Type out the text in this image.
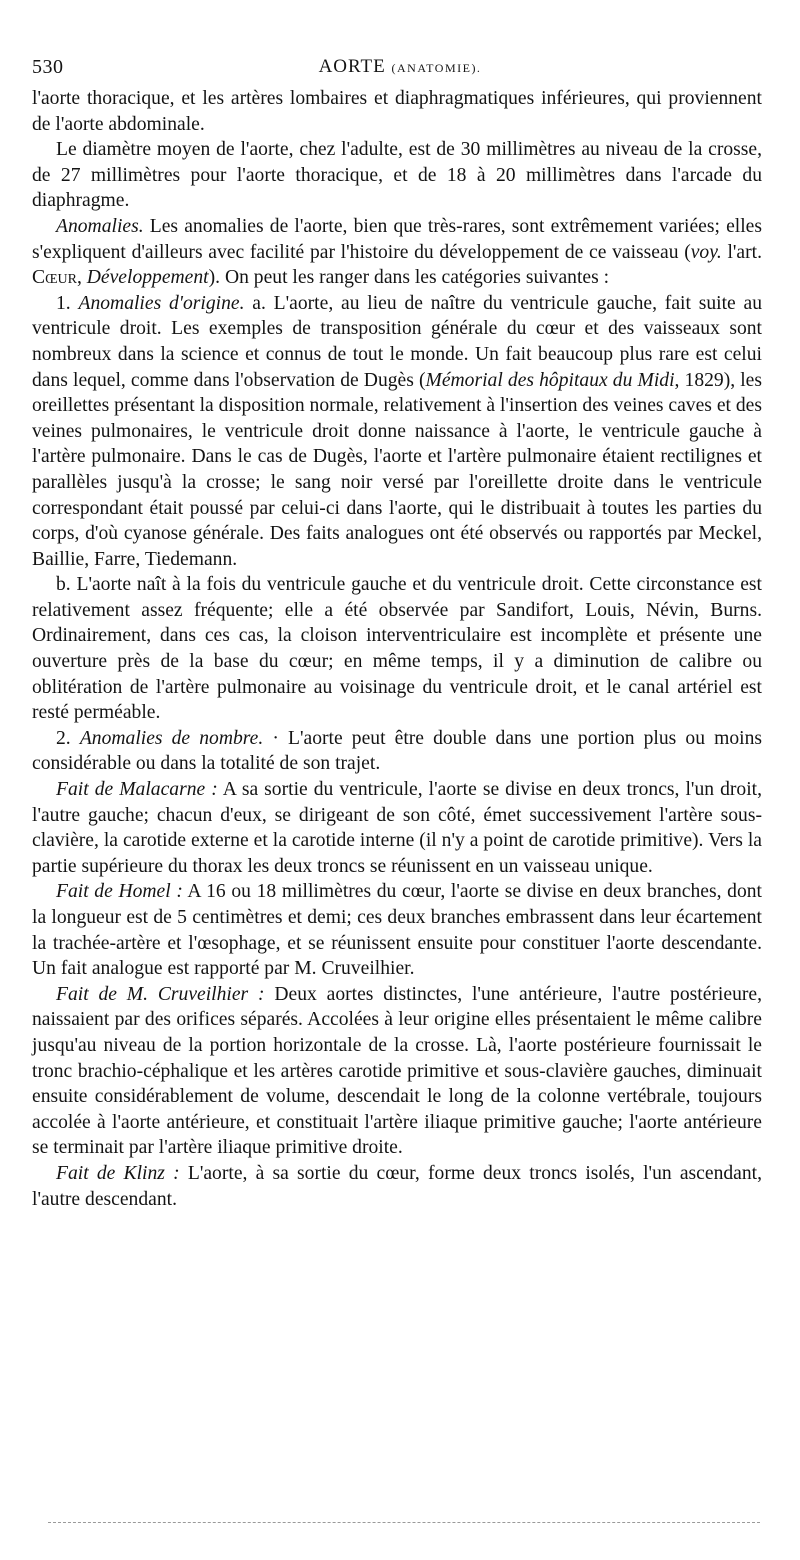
530	AORTE (ANATOMIE).

l'aorte thoracique, et les artères lombaires et diaphragmatiques inférieures, qui proviennent de l'aorte abdominale.

Le diamètre moyen de l'aorte, chez l'adulte, est de 30 millimètres au niveau de la crosse, de 27 millimètres pour l'aorte thoracique, et de 18 à 20 millimètres dans l'arcade du diaphragme.

Anomalies. Les anomalies de l'aorte, bien que très-rares, sont extrêmement variées; elles s'expliquent d'ailleurs avec facilité par l'histoire du développement de ce vaisseau (voy. l'art. Cœur, Développement). On peut les ranger dans les catégories suivantes :

1. Anomalies d'origine. a. L'aorte, au lieu de naître du ventricule gauche, fait suite au ventricule droit. Les exemples de transposition générale du cœur et des vaisseaux sont nombreux dans la science et connus de tout le monde. Un fait beaucoup plus rare est celui dans lequel, comme dans l'observation de Dugès (Mémorial des hôpitaux du Midi, 1829), les oreillettes présentant la disposition normale, relativement à l'insertion des veines caves et des veines pulmonaires, le ventricule droit donne naissance à l'aorte, le ventricule gauche à l'artère pulmonaire. Dans le cas de Dugès, l'aorte et l'artère pulmonaire étaient rectilignes et parallèles jusqu'à la crosse; le sang noir versé par l'oreillette droite dans le ventricule correspondant était poussé par celui-ci dans l'aorte, qui le distribuait à toutes les parties du corps, d'où cyanose générale. Des faits analogues ont été observés ou rapportés par Meckel, Baillie, Farre, Tiedemann.

b. L'aorte naît à la fois du ventricule gauche et du ventricule droit. Cette circonstance est relativement assez fréquente; elle a été observée par Sandifort, Louis, Névin, Burns. Ordinairement, dans ces cas, la cloison interventriculaire est incomplète et présente une ouverture près de la base du cœur; en même temps, il y a diminution de calibre ou oblitération de l'artère pulmonaire au voisinage du ventricule droit, et le canal artériel est resté perméable.

2. Anomalies de nombre. · L'aorte peut être double dans une portion plus ou moins considérable ou dans la totalité de son trajet.

Fait de Malacarne : A sa sortie du ventricule, l'aorte se divise en deux troncs, l'un droit, l'autre gauche; chacun d'eux, se dirigeant de son côté, émet successivement l'artère sous-clavière, la carotide externe et la carotide interne (il n'y a point de carotide primitive). Vers la partie supérieure du thorax les deux troncs se réunissent en un vaisseau unique.

Fait de Homel : A 16 ou 18 millimètres du cœur, l'aorte se divise en deux branches, dont la longueur est de 5 centimètres et demi; ces deux branches embrassent dans leur écartement la trachée-artère et l'œsophage, et se réunissent ensuite pour constituer l'aorte descendante. Un fait analogue est rapporté par M. Cruveilhier.

Fait de M. Cruveilhier : Deux aortes distinctes, l'une antérieure, l'autre postérieure, naissaient par des orifices séparés. Accolées à leur origine elles présentaient le même calibre jusqu'au niveau de la portion horizontale de la crosse. Là, l'aorte postérieure fournissait le tronc brachio-céphalique et les artères carotide primitive et sous-clavière gauches, diminuait ensuite considérablement de volume, descendait le long de la colonne vertébrale, toujours accolée à l'aorte antérieure, et constituait l'artère iliaque primitive gauche; l'aorte antérieure se terminait par l'artère iliaque primitive droite.

Fait de Klinz : L'aorte, à sa sortie du cœur, forme deux troncs isolés, l'un ascendant, l'autre descendant.
